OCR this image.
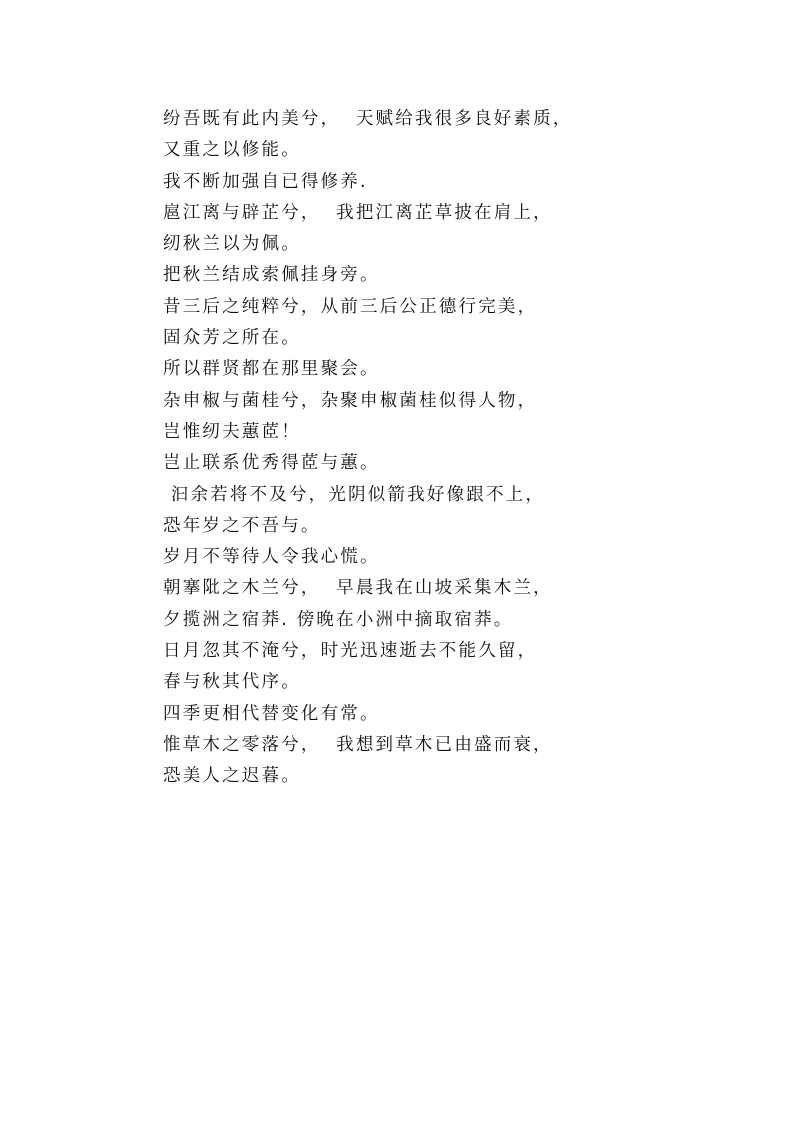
纷吾既有此内美兮，  天赋给我很多良好素质，
又重之以修能。
我不断加强自已得修养.
扈江离与辟芷兮，  我把江离芷草披在肩上，
纫秋兰以为佩。
把秋兰结成索佩挂身旁。
昔三后之纯粹兮，从前三后公正德行完美，
固众芳之所在。
所以群贤都在那里聚会。
杂申椒与菌桂兮，杂聚申椒菌桂似得人物，
岂惟纫夫蕙茝！
岂止联系优秀得茝与蕙。
汩余若将不及兮，光阴似箭我好像跟不上，
恐年岁之不吾与。
岁月不等待人令我心慌。
朝搴阰之木兰兮，  早晨我在山坡采集木兰，
夕揽洲之宿莽. 傍晚在小洲中摘取宿莽。
日月忽其不淹兮，时光迅速逝去不能久留，
春与秋其代序。
四季更相代替变化有常。
惟草木之零落兮，  我想到草木已由盛而衰，
恐美人之迟暮。
